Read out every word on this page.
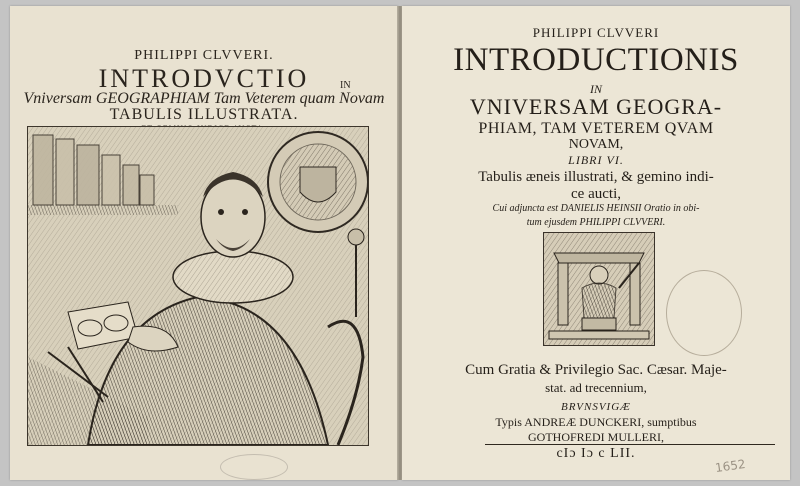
PHILIPPI CLVVERI.
INTRODVCTIO	IN
Vniversam GEOGRAPHIAM Tam Veterem quam Novam
TABULIS ILLUSTRATA.
PHILIPPI CLVVERI
INTRODUCTIONIS
IN
VNIVERSAM GEOGRA-
PHIAM, TAM VETEREM QVAM
NOVAM,
LIBRI VI.
Tabulis æneis illustrati, & gemino indi-
ce aucti,
Cui adjuncta est DANIELIS HEINSII Oratio in obi-
tum ejusdem PHILIPPI CLVVERI.
Cum Gratia & Privilegio Sac. Cæsar. Maje-
stat. ad trecennium,
BRVNSVIGÆ
Typis ANDREÆ DUNCKERI, sumptibus
GOTHOFREDI MULLERI,
cIɔ Iɔ c LII.
1652
